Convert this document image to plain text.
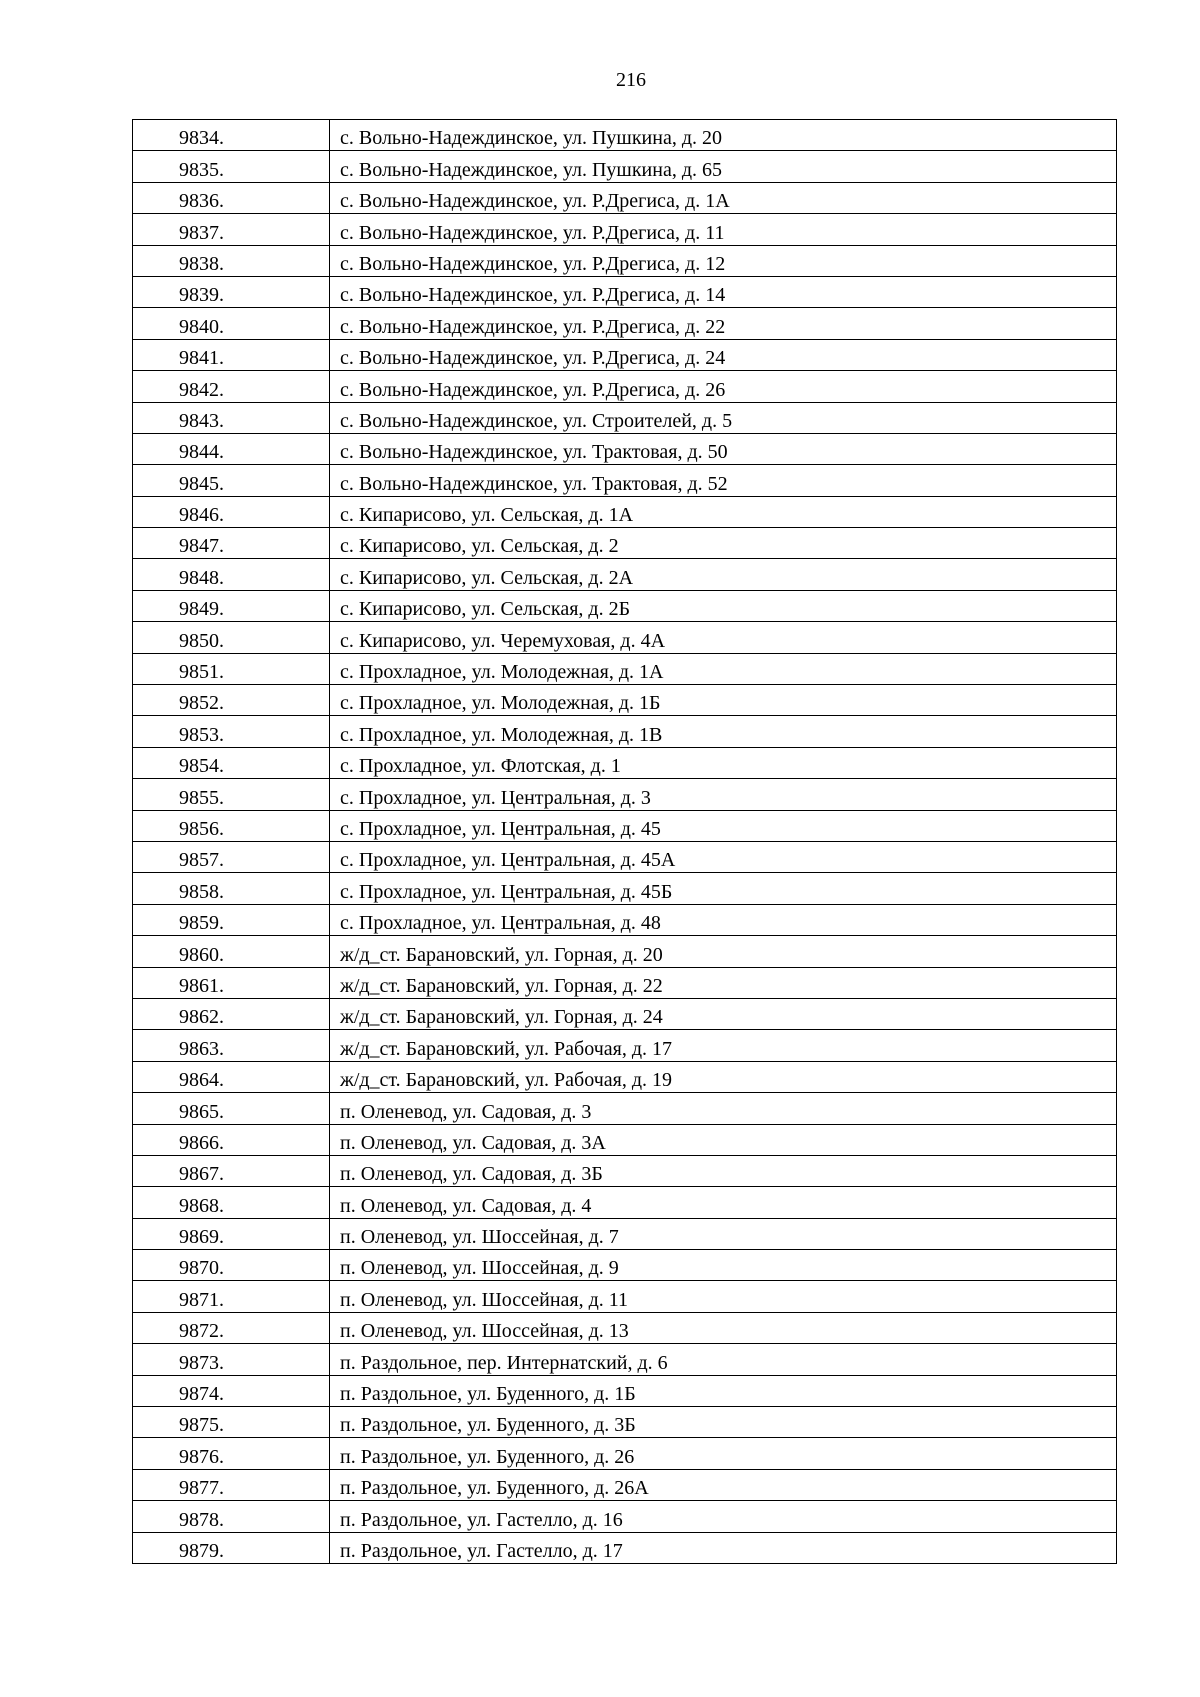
216
9834.	с. Вольно-Надеждинское, ул. Пушкина, д. 20
9835.	с. Вольно-Надеждинское, ул. Пушкина, д. 65
9836.	с. Вольно-Надеждинское, ул. Р.Дрегиса, д. 1А
9837.	с. Вольно-Надеждинское, ул. Р.Дрегиса, д. 11
9838.	с. Вольно-Надеждинское, ул. Р.Дрегиса, д. 12
9839.	с. Вольно-Надеждинское, ул. Р.Дрегиса, д. 14
9840.	с. Вольно-Надеждинское, ул. Р.Дрегиса, д. 22
9841.	с. Вольно-Надеждинское, ул. Р.Дрегиса, д. 24
9842.	с. Вольно-Надеждинское, ул. Р.Дрегиса, д. 26
9843.	с. Вольно-Надеждинское, ул. Строителей, д. 5
9844.	с. Вольно-Надеждинское, ул. Трактовая, д. 50
9845.	с. Вольно-Надеждинское, ул. Трактовая, д. 52
9846.	с. Кипарисово, ул. Сельская, д. 1А
9847.	с. Кипарисово, ул. Сельская, д. 2
9848.	с. Кипарисово, ул. Сельская, д. 2А
9849.	с. Кипарисово, ул. Сельская, д. 2Б
9850.	с. Кипарисово, ул. Черемуховая, д. 4А
9851.	с. Прохладное, ул. Молодежная, д. 1А
9852.	с. Прохладное, ул. Молодежная, д. 1Б
9853.	с. Прохладное, ул. Молодежная, д. 1В
9854.	с. Прохладное, ул. Флотская, д. 1
9855.	с. Прохладное, ул. Центральная, д. 3
9856.	с. Прохладное, ул. Центральная, д. 45
9857.	с. Прохладное, ул. Центральная, д. 45А
9858.	с. Прохладное, ул. Центральная, д. 45Б
9859.	с. Прохладное, ул. Центральная, д. 48
9860.	ж/д_ст. Барановский, ул. Горная, д. 20
9861.	ж/д_ст. Барановский, ул. Горная, д. 22
9862.	ж/д_ст. Барановский, ул. Горная, д. 24
9863.	ж/д_ст. Барановский, ул. Рабочая, д. 17
9864.	ж/д_ст. Барановский, ул. Рабочая, д. 19
9865.	п. Оленевод, ул. Садовая, д. 3
9866.	п. Оленевод, ул. Садовая, д. 3А
9867.	п. Оленевод, ул. Садовая, д. 3Б
9868.	п. Оленевод, ул. Садовая, д. 4
9869.	п. Оленевод, ул. Шоссейная, д. 7
9870.	п. Оленевод, ул. Шоссейная, д. 9
9871.	п. Оленевод, ул. Шоссейная, д. 11
9872.	п. Оленевод, ул. Шоссейная, д. 13
9873.	п. Раздольное, пер. Интернатский, д. 6
9874.	п. Раздольное, ул. Буденного, д. 1Б
9875.	п. Раздольное, ул. Буденного, д. 3Б
9876.	п. Раздольное, ул. Буденного, д. 26
9877.	п. Раздольное, ул. Буденного, д. 26А
9878.	п. Раздольное, ул. Гастелло, д. 16
9879.	п. Раздольное, ул. Гастелло, д. 17
